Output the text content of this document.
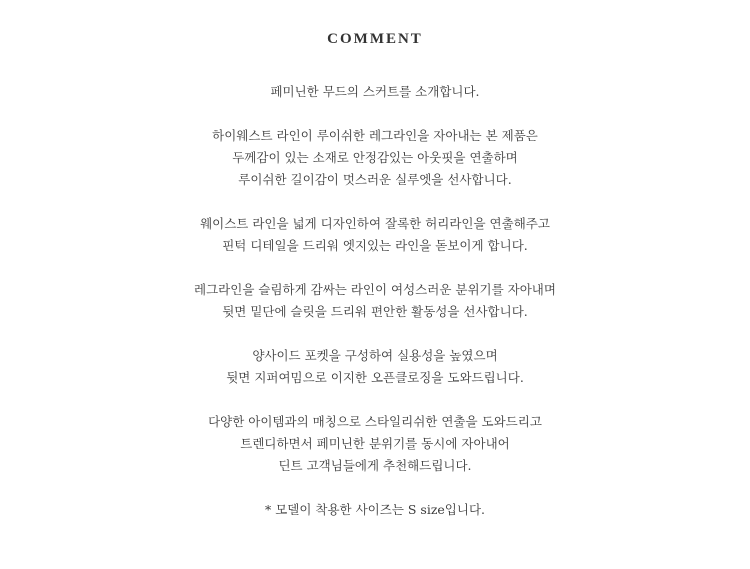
COMMENT
페미닌한 무드의 스커트를 소개합니다.
하이웨스트 라인이 루이쉬한 레그라인을 자아내는 본 제품은
두께감이 있는 소재로 안정감있는 아웃핏을 연출하며
루이쉬한 길이감이 멋스러운 실루엣을 선사합니다.
웨이스트 라인을 넓게 디자인하여 잘록한 허리라인을 연출해주고
핀턱 디테일을 드리워 엣지있는 라인을 돋보이게 합니다.
레그라인을 슬림하게 감싸는 라인이 여성스러운 분위기를 자아내며
뒷면 밑단에 슬릿을 드리워 편안한 활동성을 선사합니다.
양사이드 포켓을 구성하여 실용성을 높였으며
뒷면 지퍼여밈으로 이지한 오픈클로징을 도와드립니다.
다양한 아이템과의 매칭으로 스타일리쉬한 연출을 도와드리고
트렌디하면서 페미닌한 분위기를 동시에 자아내어
딘트 고객님들에게 추천해드립니다.
* 모델이 착용한 사이즈는 S size입니다.
